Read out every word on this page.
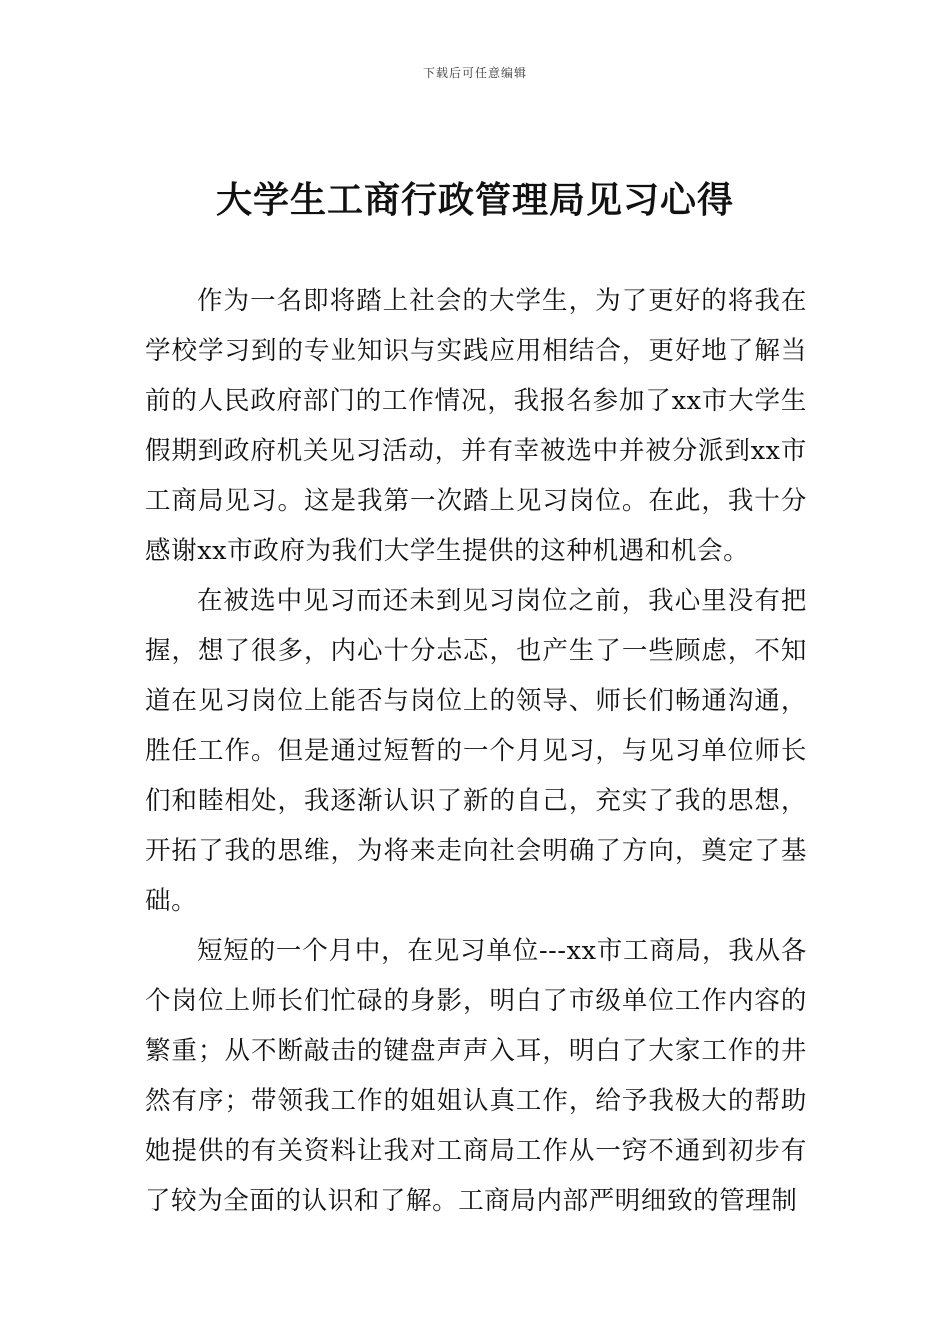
下载后可任意编辑
大学生工商行政管理局见习心得

作为一名即将踏上社会的大学生，为了更好的将我在学校学习到的专业知识与实践应用相结合，更好地了解当前的人民政府部门的工作情况，我报名参加了xx市大学生假期到政府机关见习活动，并有幸被选中并被分派到xx市工商局见习。这是我第一次踏上见习岗位。在此，我十分感谢xx市政府为我们大学生提供的这种机遇和机会。

在被选中见习而还未到见习岗位之前，我心里没有把握，想了很多，内心十分忐忑，也产生了一些顾虑，不知道在见习岗位上能否与岗位上的领导、师长们畅通沟通，胜任工作。但是通过短暂的一个月见习，与见习单位师长们和睦相处，我逐渐认识了新的自己，充实了我的思想，开拓了我的思维，为将来走向社会明确了方向，奠定了基础。

短短的一个月中，在见习单位---xx市工商局，我从各个岗位上师长们忙碌的身影，明白了市级单位工作内容的繁重；从不断敲击的键盘声声入耳，明白了大家工作的井然有序；带领我工作的姐姐认真工作，给予我极大的帮助她提供的有关资料让我对工商局工作从一窍不通到初步有了较为全面的认识和了解。工商局内部严明细致的管理制
